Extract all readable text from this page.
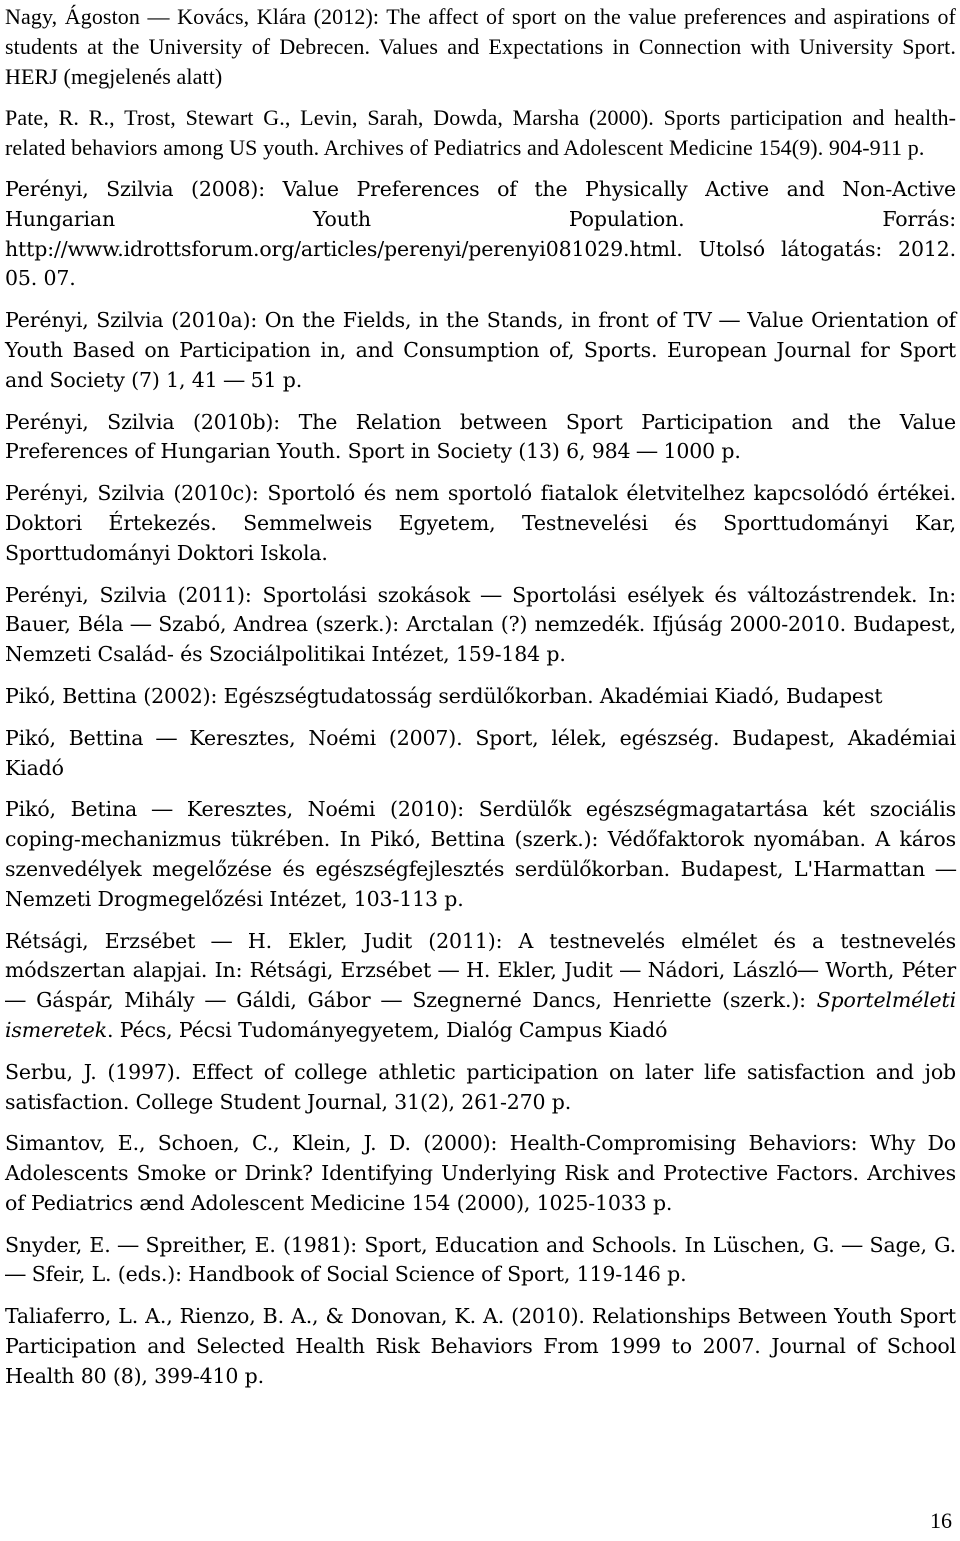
Nagy, Ágoston ― Kovács, Klára (2012): The affect of sport on the value preferences and aspirations of students at the University of Debrecen. Values and Expectations in Connection with University Sport. HERJ (megjelenés alatt)

Pate, R. R., Trost, Stewart G., Levin, Sarah, Dowda, Marsha (2000). Sports participation and health-related behaviors among US youth. Archives of Pediatrics and Adolescent Medicine 154(9). 904-911 p.

Perényi, Szilvia (2008): Value Preferences of the Physically Active and Non-Active Hungarian Youth Population. Forrás: http://www.idrottsforum.org/articles/perenyi/perenyi081029.html. Utolsó látogatás: 2012. 05. 07.

Perényi, Szilvia (2010a): On the Fields, in the Stands, in front of TV ― Value Orientation of Youth Based on Participation in, and Consumption of, Sports. European Journal for Sport and Society (7) 1, 41 ― 51 p.

Perényi, Szilvia (2010b): The Relation between Sport Participation and the Value Preferences of Hungarian Youth. Sport in Society (13) 6, 984 ― 1000 p.

Perényi, Szilvia (2010c): Sportoló és nem sportoló fiatalok életvitelhez kapcsolódó értékei. Doktori Értekezés. Semmelweis Egyetem, Testnevelési és Sporttudományi Kar, Sporttudományi Doktori Iskola.

Perényi, Szilvia (2011): Sportolási szokások ― Sportolási esélyek és változástrendek. In: Bauer, Béla ― Szabó, Andrea (szerk.): Arctalan (?) nemzedék. Ifjúság 2000-2010. Budapest, Nemzeti Család- és Szociálpolitikai Intézet, 159-184 p.

Pikó, Bettina (2002): Egészségtudatosság serdülőkorban. Akadémiai Kiadó, Budapest

Pikó, Bettina ― Keresztes, Noémi (2007). Sport, lélek, egészség. Budapest, Akadémiai Kiadó

Pikó, Betina ― Keresztes, Noémi (2010): Serdülők egészségmagatartása két szociális coping-mechanizmus tükrében. In Pikó, Bettina (szerk.): Védőfaktorok nyomában. A káros szenvedélyek megelőzése és egészségfejlesztés serdülőkorban. Budapest, L'Harmattan ― Nemzeti Drogmegelőzési Intézet, 103-113 p.

Rétsági, Erzsébet ― H. Ekler, Judit (2011): A testnevelés elmélet és a testnevelés módszertan alapjai. In: Rétsági, Erzsébet ― H. Ekler, Judit ― Nádori, László― Worth, Péter ― Gáspár, Mihály ― Gáldi, Gábor ― Szegnerné Dancs, Henriette (szerk.): Sportelméleti ismeretek. Pécs, Pécsi Tudományegyetem, Dialóg Campus Kiadó

Serbu, J. (1997). Effect of college athletic participation on later life satisfaction and job satisfaction. College Student Journal, 31(2), 261-270 p.

Simantov, E., Schoen, C., Klein, J. D. (2000): Health-Compromising Behaviors: Why Do Adolescents Smoke or Drink? Identifying Underlying Risk and Protective Factors. Archives of Pediatrics ænd Adolescent Medicine 154 (2000), 1025-1033 p.

Snyder, E. ― Spreither, E. (1981): Sport, Education and Schools. In Lüschen, G. ― Sage, G. ― Sfeir, L. (eds.): Handbook of Social Science of Sport, 119-146 p.

Taliaferro, L. A., Rienzo, B. A., & Donovan, K. A. (2010). Relationships Between Youth Sport Participation and Selected Health Risk Behaviors From 1999 to 2007. Journal of School Health 80 (8), 399-410 p.

16
